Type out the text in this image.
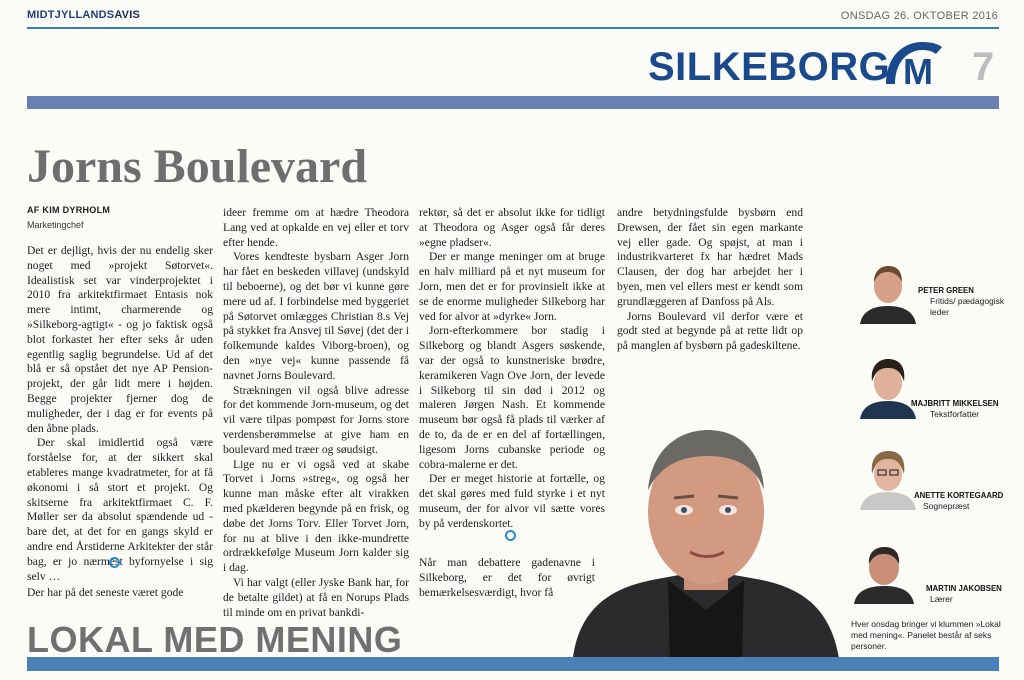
MIDTJYLLANDSAVIS	ONSDAG 26. OKTOBER 2016
SILKEBORG M 7
Jorns Boulevard
AF KIM DYRHOLM
Marketingchef

Det er dejligt, hvis der nu endelig sker noget med »projekt Søtorvet«. Idealistisk set var vinderprojektet i 2010 fra arkitektfirmaet Entasis nok mere intimt, charmerende og »Silkeborg-agtigt« - og jo faktisk også blot forkastet her efter seks år uden egentlig saglig begrundelse. Ud af det blå er så opstået det nye AP Pension-projekt, der går lidt mere i højden. Begge projekter fjerner dog de muligheder, der i dag er for events på den åbne plads.

Der skal imidlertid også være forståelse for, at der sikkert skal etableres mange kvadratmeter, for at få økonomi i så stort et projekt. Og skitserne fra arkitektfirmaet C. F. Møller ser da absolut spændende ud - bare det, at det for en gangs skyld er andre end Årstiderne Arkitekter der står bag, er jo nærmest byfornyelse i sig selv …

Der har på det seneste været gode

ideer fremme om at hædre Theodora Lang ved at opkalde en vej eller et torv efter hende.

Vores kendteste bysbarn Asger Jorn har fået en beskeden villavej (undskyld til beboerne), og det bør vi kunne gøre mere ud af. I forbindelse med byggeriet på Søtorvet omlægges Christian 8.s Vej på stykket fra Ansvej til Søvej (det der i folkemunde kaldes Viborg-broen), og den »nye vej« kunne passende få navnet Jorns Boulevard.

Strækningen vil også blive adresse for det kommende Jorn-museum, og det vil være tilpas pompøst for Jorns store verdensberømmelse at give ham en boulevard med træer og søudsigt.

Lige nu er vi også ved at skabe Torvet i Jorns »streg«, og også her kunne man måske efter alt virakken med pkælderen begynde på en frisk, og døbe det Jorns Torv. Eller Torvet Jorn, for nu at blive i den ikke-mundrette ordrækkefølge Museum Jorn kalder sig i dag.

Vi har valgt (eller Jyske Bank har, for de betalte gildet) at få en Norups Plads til minde om en privat bankdi-

rektør, så det er absolut ikke for tidligt at Theodora og Asger også får deres »egne pladser«.

Der er mange meninger om at bruge en halv milliard på et nyt museum for Jorn, men det er for provinsielt ikke at se de enorme muligheder Silkeborg har ved for alvor at »dyrke« Jorn.

Jorn-efterkommere bor stadig i Silkeborg og blandt Asgers søskende, var der også to kunstneriske brødre, keramikeren Vagn Ove Jorn, der levede i Silkeborg til sin død i 2012 og maleren Jørgen Nash. Et kommende museum bør også få plads til værker af de to, da de er en del af fortællingen, ligesom Jorns cubanske periode og cobra-malerne er det.

Der er meget historie at fortælle, og det skal gøres med fuld styrke i et nyt museum, der for alvor vil sætte vores by på verdenskortet.

Når man debattere gadenavne i Silkeborg, er det for øvrigt bemærkelsesværdigt, hvor få

andre betydningsfulde bysbørn end Drewsen, der fået sin egen markante vej eller gade. Og spøjst, at man i industrikvarteret fx har hædret Mads Clausen, der dog har arbejdet her i byen, men vel ellers mest er kendt som grundlæggeren af Danfoss på Als.

Jorns Boulevard vil derfor være et godt sted at begynde på at rette lidt op på manglen af bysbørn på gadeskiltene.

PETER GREEN
Fritids/ pædagogisk leder
MAJBRITT MIKKELSEN
Tekstforfatter
ANETTE KORTEGAARD
Sognepræst
MARTIN JAKOBSEN
Lærer
Hver onsdag bringer vi klummen »Lokal med mening«. Panelet består af seks personer.
LOKAL MED MENING
